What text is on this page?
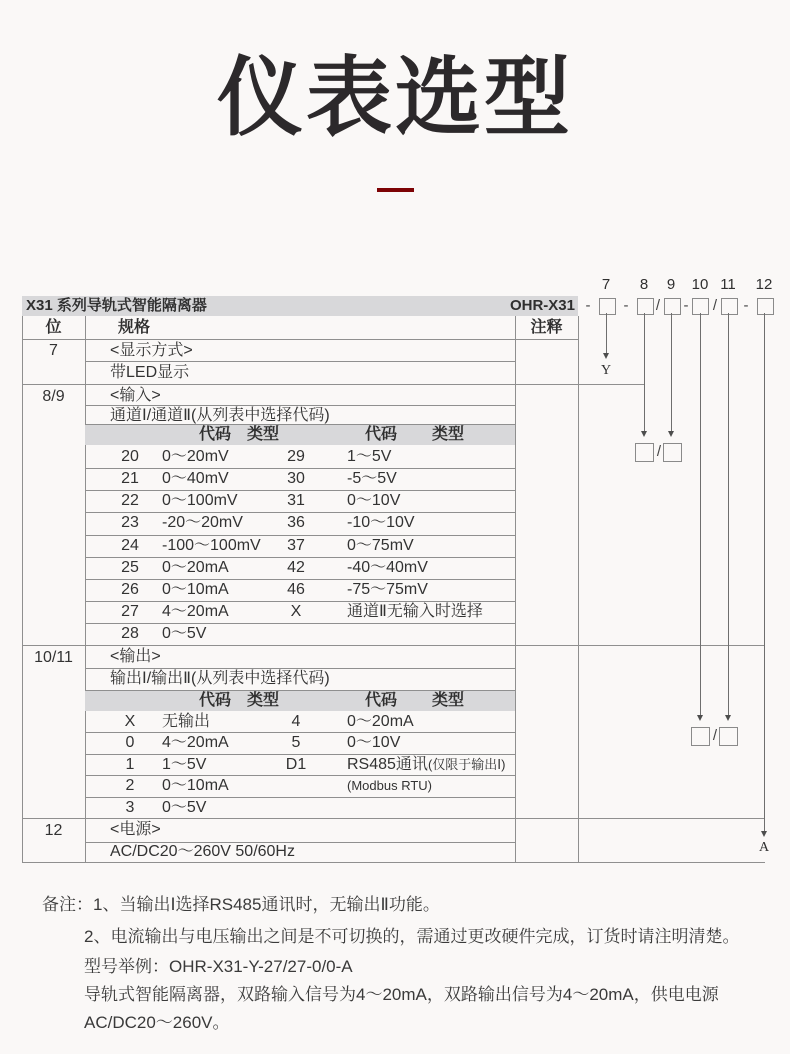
仪表选型
X31 系列导轨式智能隔离器	OHR-X31
位	规格	注释
7	<显示方式>
带LED显示
8/9	<输入>
通道Ⅰ/通道Ⅱ(从列表中选择代码)
代码	类型	代码	类型
20	0～20mV	29	1～5V
21	0～40mV	30	-5～5V
22	0～100mV	31	0～10V
23	-20～20mV	36	-10～10V
24	-100～100mV	37	0～75mV
25	0～20mA	42	-40～40mV
26	0～10mA	46	-75～75mV
27	4～20mA	X	通道Ⅱ无输入时选择
28	0～5V
10/11	<输出>
输出Ⅰ/输出Ⅱ(从列表中选择代码)
代码	类型	代码	类型
X	无输出	4	0～20mA
0	4～20mA	5	0～10V
1	1～5V	D1	RS485通讯(仅限于输出Ⅰ)
2	0～10mA	(Modbus RTU)
3	0～5V
12	<电源>
AC/DC20～260V 50/60Hz
7	8	9	10 11 12
- - / - / -
Y
/
/
A
备注：1、当输出Ⅰ选择RS485通讯时，无输出Ⅱ功能。
2、电流输出与电压输出之间是不可切换的，需通过更改硬件完成，订货时请注明清楚。
型号举例：OHR-X31-Y-27/27-0/0-A
导轨式智能隔离器，双路输入信号为4～20mA，双路输出信号为4～20mA，供电电源
AC/DC20～260V。
